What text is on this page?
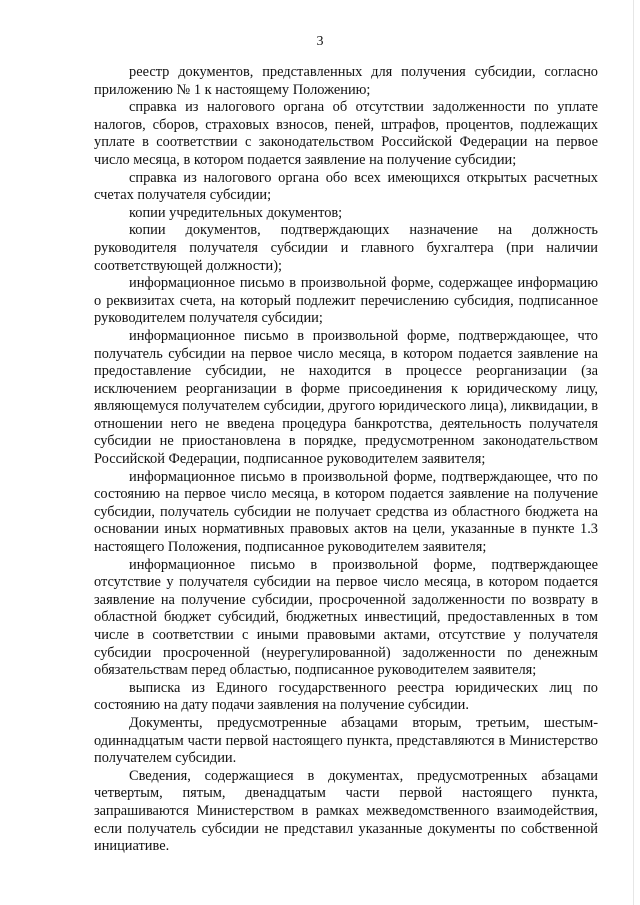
3

реестр документов, представленных для получения субсидии, согласно приложению № 1 к настоящему Положению;

справка из налогового органа об отсутствии задолженности по уплате налогов, сборов, страховых взносов, пеней, штрафов, процентов, подлежащих уплате в соответствии с законодательством Российской Федерации на первое число месяца, в котором подается заявление на получение субсидии;

справка из налогового органа обо всех имеющихся открытых расчетных счетах получателя субсидии;

копии учредительных документов;

копии документов, подтверждающих назначение на должность руководителя получателя субсидии и главного бухгалтера (при наличии соответствующей должности);

информационное письмо в произвольной форме, содержащее информацию о реквизитах счета, на который подлежит перечислению субсидия, подписанное руководителем получателя субсидии;

информационное письмо в произвольной форме, подтверждающее, что получатель субсидии на первое число месяца, в котором подается заявление на предоставление субсидии, не находится в процессе реорганизации (за исключением реорганизации в форме присоединения к юридическому лицу, являющемуся получателем субсидии, другого юридического лица), ликвидации, в отношении него не введена процедура банкротства, деятельность получателя субсидии не приостановлена в порядке, предусмотренном законодательством Российской Федерации, подписанное руководителем заявителя;

информационное письмо в произвольной форме, подтверждающее, что по состоянию на первое число месяца, в котором подается заявление на получение субсидии, получатель субсидии не получает средства из областного бюджета на основании иных нормативных правовых актов на цели, указанные в пункте 1.3 настоящего Положения, подписанное руководителем заявителя;

информационное письмо в произвольной форме, подтверждающее отсутствие у получателя субсидии на первое число месяца, в котором подается заявление на получение субсидии, просроченной задолженности по возврату в областной бюджет субсидий, бюджетных инвестиций, предоставленных в том числе в соответствии с иными правовыми актами, отсутствие у получателя субсидии просроченной (неурегулированной) задолженности по денежным обязательствам перед областью, подписанное руководителем заявителя;

выписка из Единого государственного реестра юридических лиц по состоянию на дату подачи заявления на получение субсидии.

Документы, предусмотренные абзацами вторым, третьим, шестым-одиннадцатым части первой настоящего пункта, представляются в Министерство получателем субсидии.

Сведения, содержащиеся в документах, предусмотренных абзацами четвертым, пятым, двенадцатым части первой настоящего пункта, запрашиваются Министерством в рамках межведомственного взаимодействия, если получатель субсидии не представил указанные документы по собственной инициативе.
